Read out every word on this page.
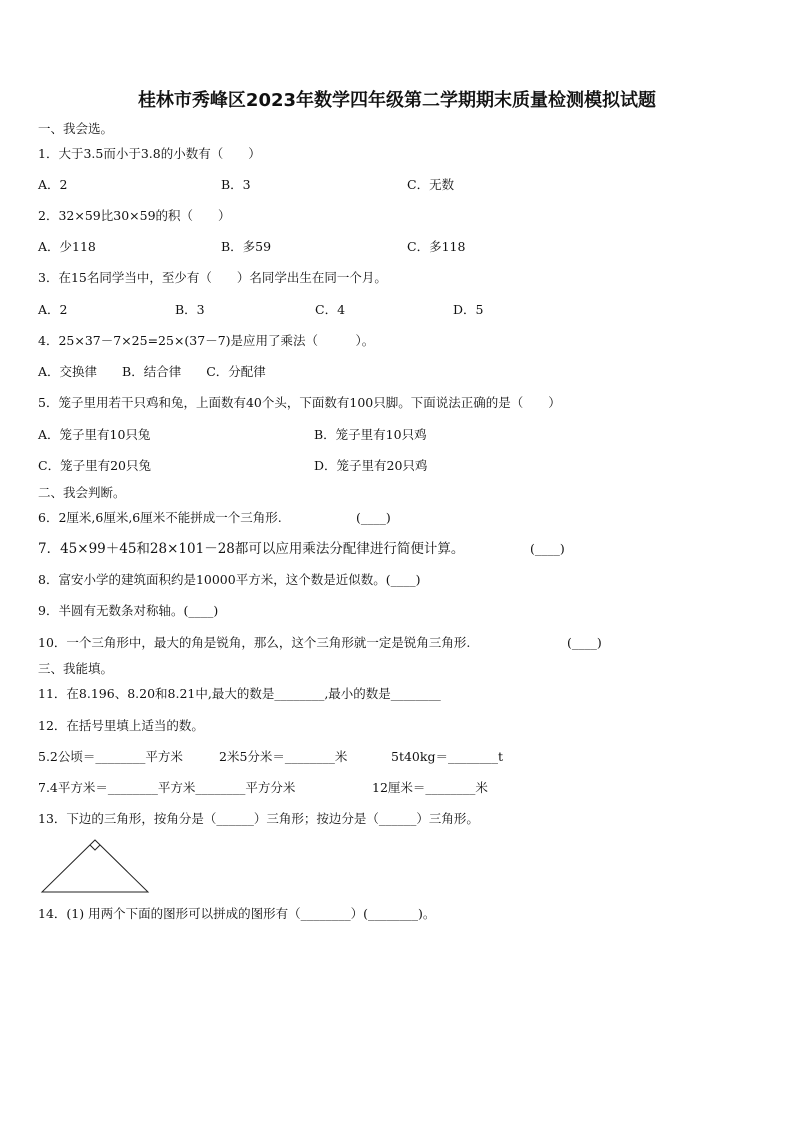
桂林市秀峰区2023年数学四年级第二学期期末质量检测模拟试题
一、我会选。
1．大于3.5而小于3.8的小数有（　　）
A．2	B．3	C．无数
2．32×59比30×59的积（　　）
A．少118	B．多59	C．多118
3．在15名同学当中，至少有（　　）名同学出生在同一个月。
A．2	B．3	C．4	D．5
4．25×37－7×25=25×(37－7)是应用了乘法（　　　）。
A．交换律　　B．结合律　　C．分配律
5．笼子里用若干只鸡和兔，上面数有40个头，下面数有100只脚。下面说法正确的是（　　）
A．笼子里有10只兔	B．笼子里有10只鸡
C．笼子里有20只兔	D．笼子里有20只鸡
二、我会判断。
6．2厘米,6厘米,6厘米不能拼成一个三角形.	(____)
7．45×99＋45和28×101－28都可以应用乘法分配律进行简便计算。	(____)
8．富安小学的建筑面积约是10000平方米，这个数是近似数。(____)
9．半圆有无数条对称轴。(____)
10．一个三角形中，最大的角是锐角，那么，这个三角形就一定是锐角三角形.	(____)
三、我能填。
11．在8.196、8.20和8.21中,最大的数是________,最小的数是________
12．在括号里填上适当的数。
5.2公顷＝________平方米	2米5分米＝________米	5t40kg＝________t
7.4平方米＝________平方米________平方分米	12厘米＝________米
13．下边的三角形，按角分是（______）三角形；按边分是（______）三角形。
14．(1) 用两个下面的图形可以拼成的图形有（________）(________)。
